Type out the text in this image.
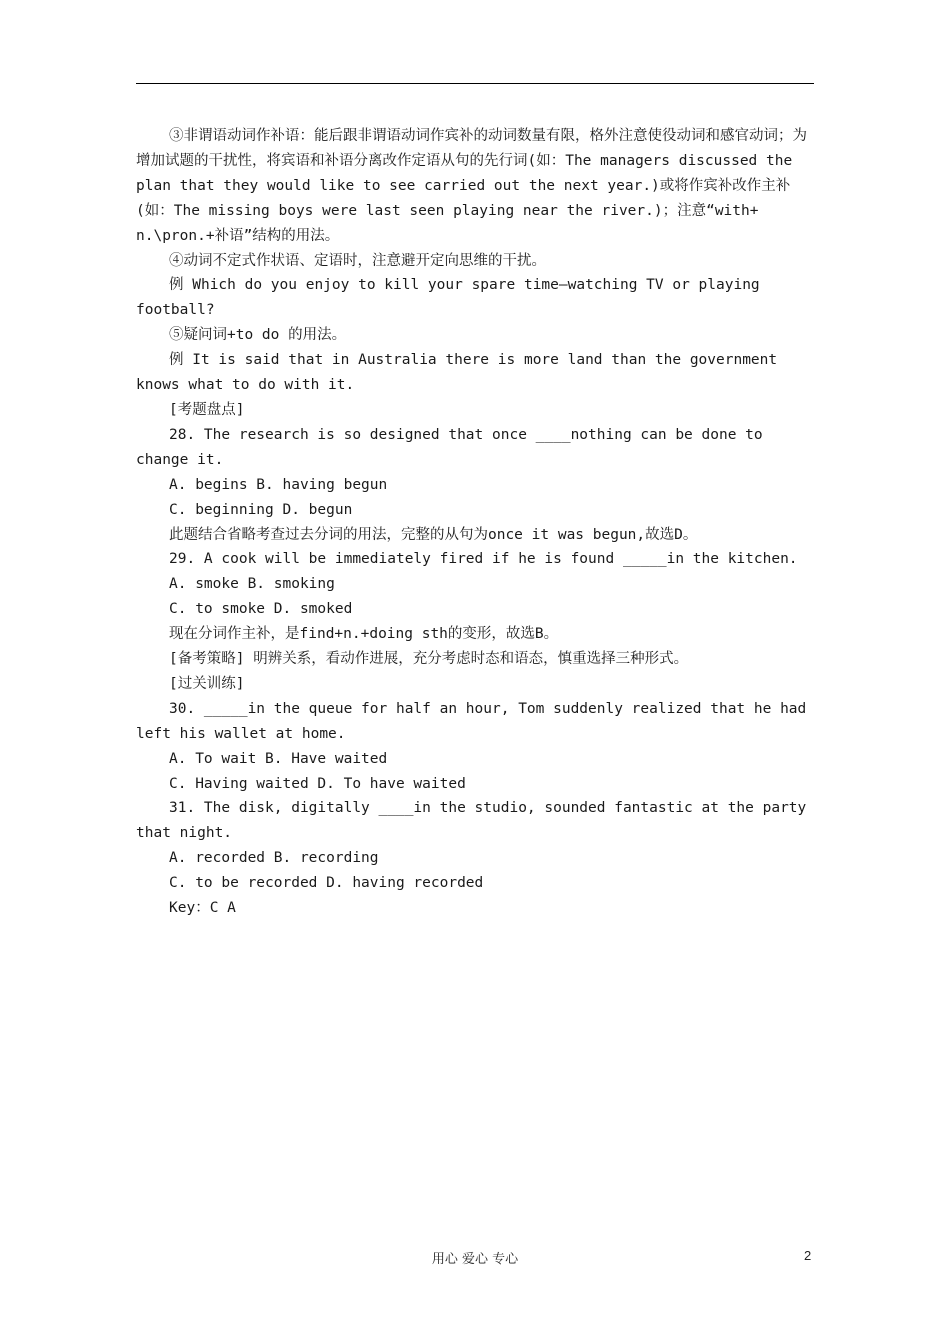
③非谓语动词作补语：能后跟非谓语动词作宾补的动词数量有限，格外注意使役动词和感官动词；为增加试题的干扰性，将宾语和补语分离改作定语从句的先行词(如：The managers discussed the plan that they would like to see carried out the next year.)或将作宾补改作主补(如：The missing boys were last seen playing near the river.)；注意“with+ n.\pron.+补语”结构的用法。

④动词不定式作状语、定语时，注意避开定向思维的干扰。

例 Which do you enjoy to kill your spare time—watching TV or playing football?

⑤疑问词+to do 的用法。

例 It is said that in Australia there is more land than the government knows what to do with it.

[考题盘点]

28. The research is so designed that once ____nothing can be done to change it.

A. begins B. having begun

C. beginning D. begun

此题结合省略考查过去分词的用法，完整的从句为once it was begun,故选D。

29. A cook will be immediately fired if he is found _____in the kitchen.

A. smoke B. smoking

C. to smoke D. smoked

现在分词作主补，是find+n.+doing sth的变形，故选B。

[备考策略] 明辨关系，看动作进展，充分考虑时态和语态，慎重选择三种形式。

[过关训练]

30. _____in the queue for half an hour, Tom suddenly realized that he had left his wallet at home.

A. To wait B. Have waited

C. Having waited D. To have waited

31. The disk, digitally ____in the studio, sounded fantastic at the party that night.

A. recorded B. recording

C. to be recorded D. having recorded

Key：C A

用心 爱心 专心	2
